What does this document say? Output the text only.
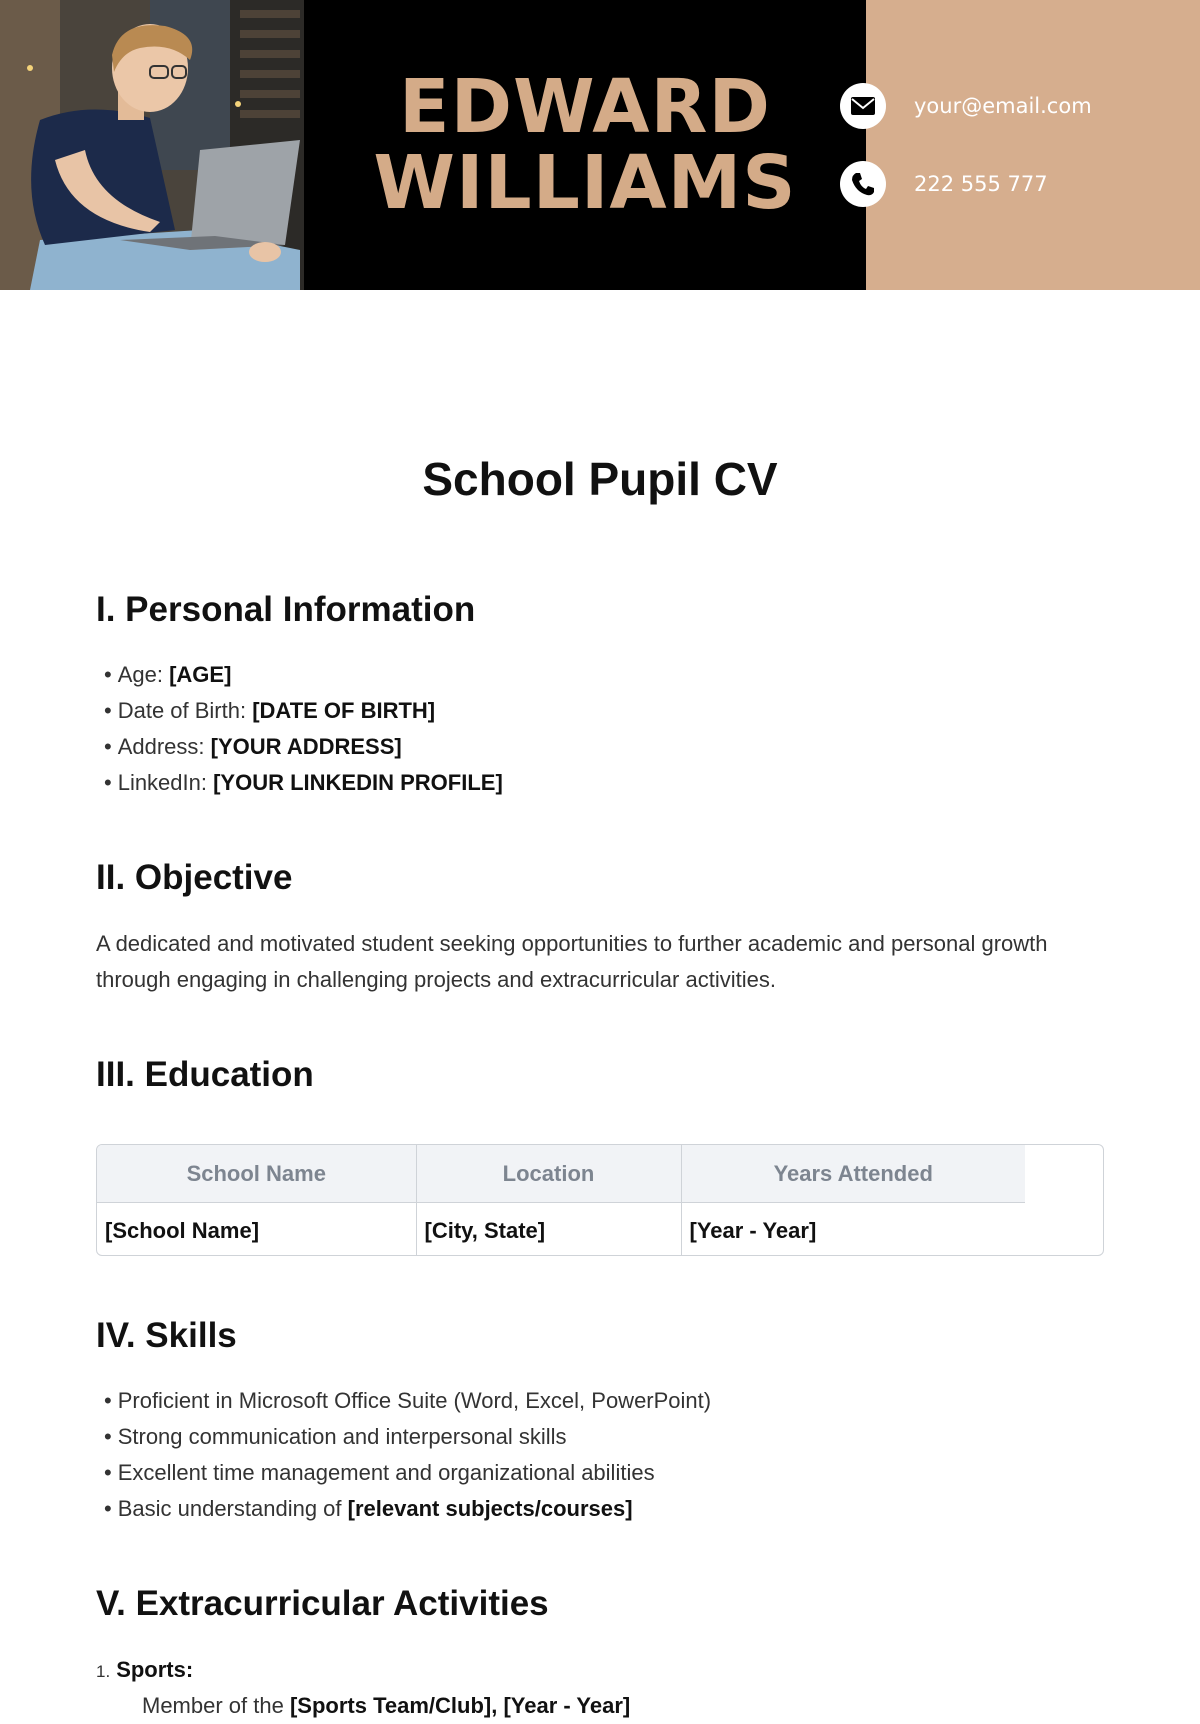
EDWARD
WILLIAMS
your@email.com
222 555 777
School Pupil CV
I. Personal Information
• Age: [AGE]
• Date of Birth: [DATE OF BIRTH]
• Address: [YOUR ADDRESS]
• LinkedIn: [YOUR LINKEDIN PROFILE]
II. Objective

A dedicated and motivated student seeking opportunities to further academic and personal growth through engaging in challenging projects and extracurricular activities.

III. Education
School Name	Location	Years Attended
[School Name]	[City, State]	[Year - Year]
IV. Skills
• Proficient in Microsoft Office Suite (Word, Excel, PowerPoint)
• Strong communication and interpersonal skills
• Excellent time management and organizational abilities
• Basic understanding of [relevant subjects/courses]
V. Extracurricular Activities
1. Sports:
Member of the [Sports Team/Club], [Year - Year]
